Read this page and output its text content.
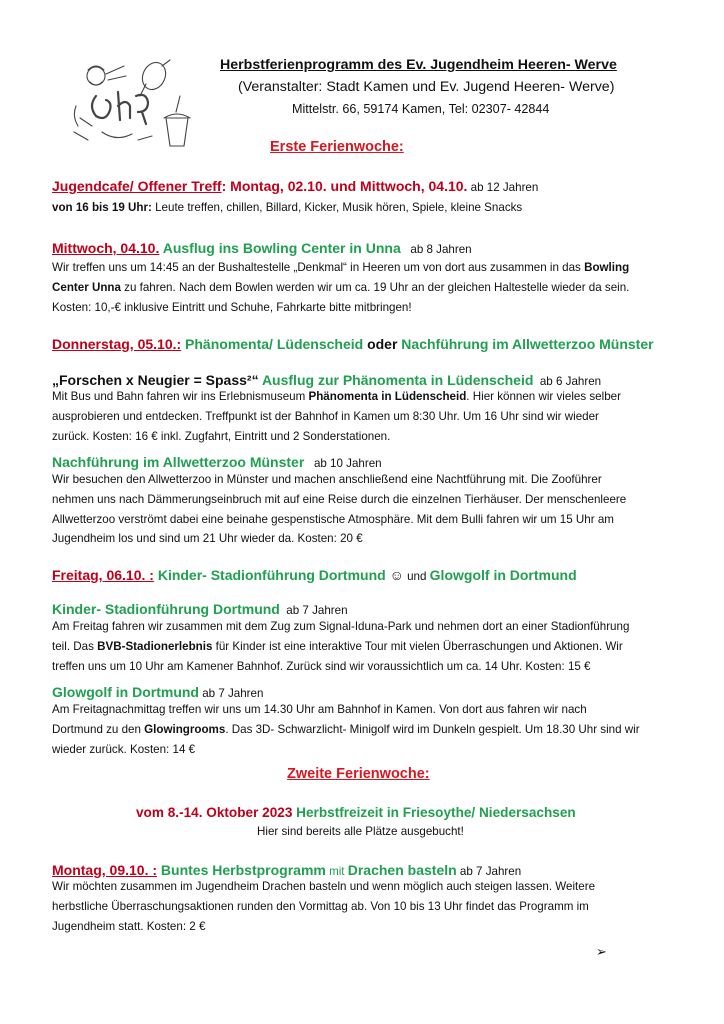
Herbstferienprogramm des Ev. Jugendheim Heeren- Werve
(Veranstalter: Stadt Kamen und Ev. Jugend Heeren- Werve)
Mittelstr. 66, 59174 Kamen, Tel: 02307- 42844
Erste Ferienwoche:
Jugendcafe/ Offener Treff: Montag, 02.10. und Mittwoch, 04.10. ab 12 Jahren
von 16 bis 19 Uhr: Leute treffen, chillen, Billard, Kicker, Musik hören, Spiele, kleine Snacks
Mittwoch, 04.10. Ausflug ins Bowling Center in Unna   ab 8 Jahren
Wir treffen uns um 14:45 an der Bushaltestelle „Denkmal“ in Heeren um von dort aus zusammen in das Bowling
Center Unna zu fahren. Nach dem Bowlen werden wir um ca. 19 Uhr an der gleichen Haltestelle wieder da sein.
Kosten: 10,-€ inklusive Eintritt und Schuhe, Fahrkarte bitte mitbringen!
Donnerstag, 05.10.: Phänomenta/ Lüdenscheid oder Nachführung im Allwetterzoo Münster
„Forschen x Neugier = Spass²“ Ausflug zur Phänomenta in Lüdenscheid  ab 6 Jahren
Mit Bus und Bahn fahren wir ins Erlebnismuseum Phänomenta in Lüdenscheid. Hier können wir vieles selber
ausprobieren und entdecken. Treffpunkt ist der Bahnhof in Kamen um 8:30 Uhr. Um 16 Uhr sind wir wieder
zurück. Kosten: 16 € inkl. Zugfahrt, Eintritt und 2 Sonderstationen.
Nachführung im Allwetterzoo Münster   ab 10 Jahren
Wir besuchen den Allwetterzoo in Münster und machen anschließend eine Nachtführung mit. Die Zooführer
nehmen uns nach Dämmerungseinbruch mit auf eine Reise durch die einzelnen Tierhäuser. Der menschenleere
Allwetterzoo verströmt dabei eine beinahe gespenstische Atmosphäre. Mit dem Bulli fahren wir um 15 Uhr am
Jugendheim los und sind um 21 Uhr wieder da. Kosten: 20 €
Freitag, 06.10. : Kinder- Stadionführung Dortmund ☺ und Glowgolf in Dortmund
Kinder- Stadionführung Dortmund  ab 7 Jahren
Am Freitag fahren wir zusammen mit dem Zug zum Signal-Iduna-Park und nehmen dort an einer Stadionführung
teil. Das BVB-Stadionerlebnis für Kinder ist eine interaktive Tour mit vielen Überraschungen und Aktionen. Wir
treffen uns um 10 Uhr am Kamener Bahnhof. Zurück sind wir voraussichtlich um ca. 14 Uhr. Kosten: 15 €
Glowgolf in Dortmund ab 7 Jahren
Am Freitagnachmittag treffen wir uns um 14.30 Uhr am Bahnhof in Kamen. Von dort aus fahren wir nach
Dortmund zu den Glowingrooms. Das 3D- Schwarzlicht- Minigolf wird im Dunkeln gespielt. Um 18.30 Uhr sind wir
wieder zurück. Kosten: 14 €
Zweite Ferienwoche:
vom 8.-14. Oktober 2023 Herbstfreizeit in Friesoythe/ Niedersachsen
Hier sind bereits alle Plätze ausgebucht!
Montag, 09.10. : Buntes Herbstprogramm mit Drachen basteln ab 7 Jahren
Wir möchten zusammen im Jugendheim Drachen basteln und wenn möglich auch steigen lassen. Weitere
herbstliche Überraschungsaktionen runden den Vormittag ab. Von 10 bis 13 Uhr findet das Programm im
Jugendheim statt. Kosten: 2 €
➢
